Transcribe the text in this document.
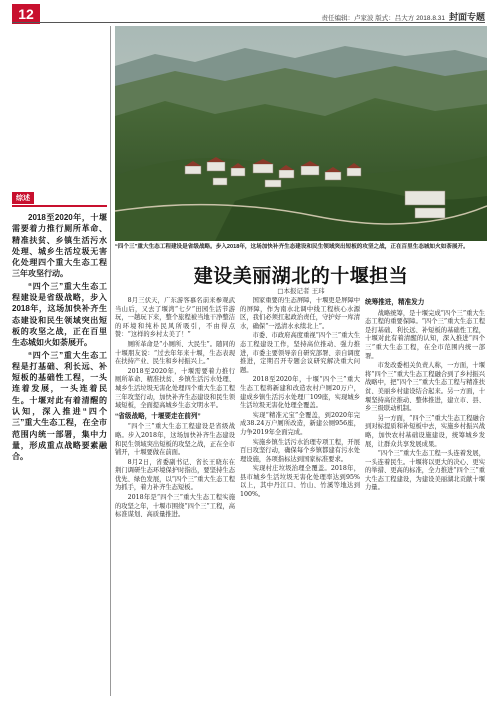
12	责任编辑：卢家波 版式：吕大方 2018.8.31 封面专题
“四个三”重大生态工程建设是省级战略。步入2018年，这场加快补齐生态建设和民生领域突出短板的攻坚之战，正在百里生态城如火如荼展开。
综述

2018至2020年，十堰需要着力推行厕所革命、精准扶贫、乡镇生活污水处理、城乡生活垃圾无害化处理四个重大生态工程三年攻坚行动。

“四个三”重大生态工程建设是省级战略，步入2018年，这场加快补齐生态建设和民生领域突出短板的攻坚之战，正在百里生态城如火如荼展开。

“四个三”重大生态工程是打基础、利长远、补短板的基础性工程，一头连着发展，一头连着民生。十堰对此有着清醒的认知，深入推进“四个三”重大生态工程，在全市范围内统一部署，集中力量，形成重点战略要素融合。

建设美丽湖北的十堰担当
□本报记者 王玮

8月三伏天，广东游客慕名前来参观武当山后，又去了堰湾“七夕”田园生活节游玩，一趟玩下来，整个旅程被当地干净整洁的环境和纯朴民风所吸引，不由得点赞：“这样的乡村太美了！”

厕所革命是“小厕所、大民生”。随同的十堰朋友说：“过去年年来十堰，生态表现在扶持产业、民生和乡村振兴上。”

2018至2020年，十堰需要着力推行厕所革命、精准扶贫、乡镇生活污水处理、城乡生活垃圾无害化处理四个重大生态工程三年攻坚行动，加快补齐生态建设和民生领域短板，全面提高城乡生态文明水平。

“省级战略，十堰要走在前列”

“四个三”重大生态工程建设是省级战略。步入2018年，这场加快补齐生态建设和民生领域突出短板的攻坚之战，正在全市铺开，十堰要做在前面。

8月2日，省委副书记、省长王晓东在荆门调研生态环境保护时指出，要坚持生态优先、绿色发展，以“四个三”重大生态工程为抓手，着力补齐生态短板。

2018年是“四个三”重大生态工程实施的攻坚之年，十堰市围绕“四个三”工程，高标准谋划、高质量推进。

国家重要的生态屏障，十堰更是屏障中的屏障，作为南水北调中线工程核心水源区，我们必须扛起政治责任，守护好一库清水，确保“一泓清水永续北上”。

市委、市政府高度重视“四个三”重大生态工程建设工作，坚持高位推动、强力推进，市委主要领导亲自研究部署、亲自调度推进，定期召开专题会议研究解决重大问题。

2018至2020年，十堰“四个三”重大生态工程将新建和改造农村户厕20万户，建成乡镇生活污水处理厂109座，实现城乡生活垃圾无害化处理全覆盖。

实现“精准元宝”全覆盖，到2020年完成38.24万户厕所改造，新建公厕956座，力争2019年全面完成。

实施乡镇生活污水治理专项工程，开展百日攻坚行动，确保每个乡镇都建有污水处理设施，各项指标达到国家标准要求。

实现村庄垃圾治理全覆盖。2018年，县市城乡生活垃圾无害化处理率达到95%以上，其中丹江口、竹山、竹溪等地达到100%。

统筹推进，精准发力

战略统筹，是十堰完成“四个三”重大生态工程的重要保障。“四个三”重大生态工程是打基础、利长远、补短板的基础性工程，十堰对此有着清醒的认知，深入推进“四个三”重大生态工程，在全市范围内统一部署。

市发改委相关负责人称，一方面，十堰将“四个三”重大生态工程融合到了乡村振兴战略中，把“四个三”重大生态工程与精准扶贫、美丽乡村建设结合起来。另一方面，十堰坚持高位推动、整体推进，建立市、县、乡三级联动机制。

另一方面，“四个三”重大生态工程融合到对标提质和补短板中去，实施乡村振兴战略，加快农村基础设施建设，统筹城乡发展，让群众共享发展成果。

“四个三”重大生态工程一头连着发展，一头连着民生。十堰将以更大的决心、更实的举措、更高的标准，全力推进“四个三”重大生态工程建设，为建设美丽湖北贡献十堰力量。
